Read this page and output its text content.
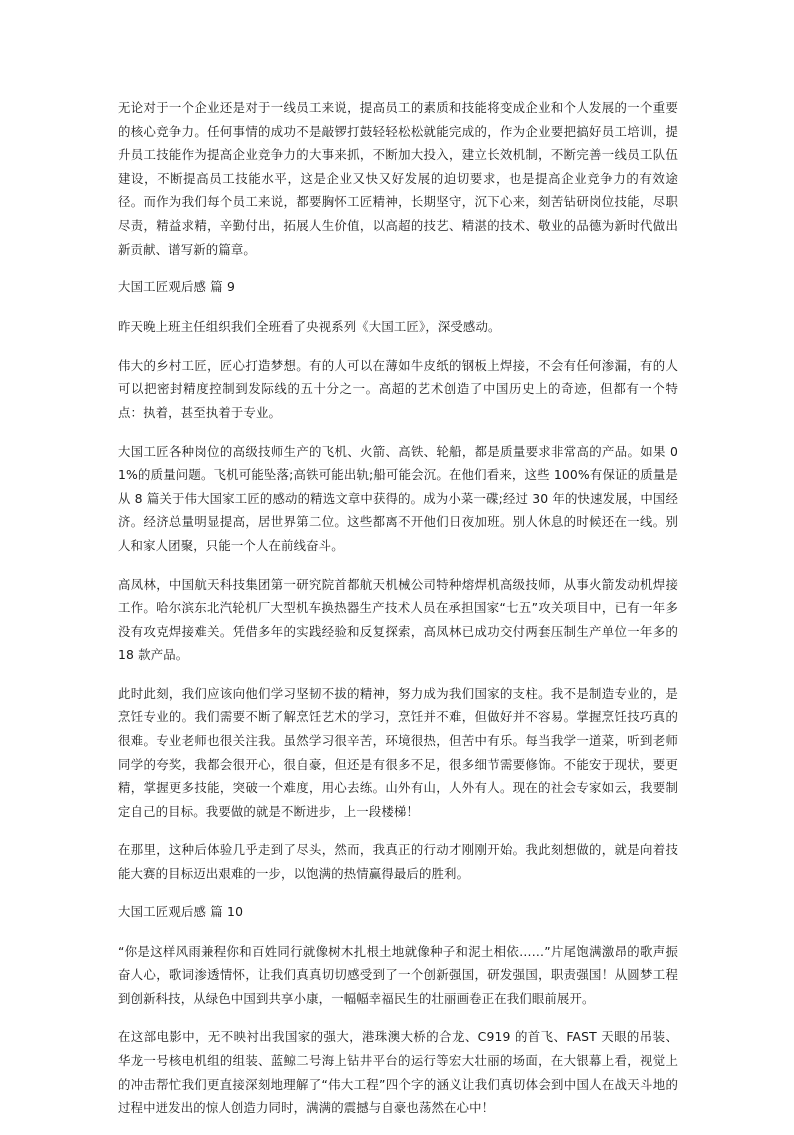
无论对于一个企业还是对于一线员工来说，提高员工的素质和技能将变成企业和个人发展的一个重要的核心竞争力。任何事情的成功不是敲锣打鼓轻轻松松就能完成的，作为企业要把搞好员工培训，提升员工技能作为提高企业竞争力的大事来抓，不断加大投入，建立长效机制，不断完善一线员工队伍建设，不断提高员工技能水平，这是企业又快又好发展的迫切要求，也是提高企业竞争力的有效途径。而作为我们每个员工来说，都要胸怀工匠精神，长期坚守，沉下心来，刻苦钻研岗位技能，尽职尽责，精益求精，辛勤付出，拓展人生价值，以高超的技艺、精湛的技术、敬业的品德为新时代做出新贡献、谱写新的篇章。

大国工匠观后感 篇 9

昨天晚上班主任组织我们全班看了央视系列《大国工匠》，深受感动。

伟大的乡村工匠，匠心打造梦想。有的人可以在薄如牛皮纸的钢板上焊接，不会有任何渗漏，有的人可以把密封精度控制到发际线的五十分之一。高超的艺术创造了中国历史上的奇迹，但都有一个特点：执着，甚至执着于专业。

大国工匠各种岗位的高级技师生产的飞机、火箭、高铁、轮船，都是质量要求非常高的产品。如果 01%的质量问题。飞机可能坠落;高铁可能出轨;船可能会沉。在他们看来，这些 100%有保证的质量是从 8 篇关于伟大国家工匠的感动的精选文章中获得的。成为小菜一碟;经过 30 年的快速发展，中国经济。经济总量明显提高，居世界第二位。这些都离不开他们日夜加班。别人休息的时候还在一线。别人和家人团聚，只能一个人在前线奋斗。

高凤林，中国航天科技集团第一研究院首都航天机械公司特种熔焊机高级技师，从事火箭发动机焊接工作。哈尔滨东北汽轮机厂大型机车换热器生产技术人员在承担国家“七五”攻关项目中，已有一年多没有攻克焊接难关。凭借多年的实践经验和反复探索，高凤林已成功交付两套压制生产单位一年多的 18 款产品。

此时此刻，我们应该向他们学习坚韧不拔的精神，努力成为我们国家的支柱。我不是制造专业的，是烹饪专业的。我们需要不断了解烹饪艺术的学习，烹饪并不难，但做好并不容易。掌握烹饪技巧真的很难。专业老师也很关注我。虽然学习很辛苦，环境很热，但苦中有乐。每当我学一道菜，听到老师同学的夸奖，我都会很开心，很自豪，但还是有很多不足，很多细节需要修饰。不能安于现状，要更精，掌握更多技能，突破一个难度，用心去练。山外有山，人外有人。现在的社会专家如云，我要制定自己的目标。我要做的就是不断进步，上一段楼梯！

在那里，这种后体验几乎走到了尽头，然而，我真正的行动才刚刚开始。我此刻想做的，就是向着技能大赛的目标迈出艰难的一步，以饱满的热情赢得最后的胜利。

大国工匠观后感 篇 10

“你是这样风雨兼程你和百姓同行就像树木扎根土地就像种子和泥土相依……”片尾饱满激昂的歌声振奋人心，歌词渗透情怀，让我们真真切切感受到了一个创新强国，研发强国，职责强国！从圆梦工程到创新科技，从绿色中国到共享小康，一幅幅幸福民生的壮丽画卷正在我们眼前展开。

在这部电影中，无不映衬出我国家的强大，港珠澳大桥的合龙、C919 的首飞、FAST 天眼的吊装、华龙一号核电机组的组装、蓝鲸二号海上钻井平台的运行等宏大壮丽的场面，在大银幕上看，视觉上的冲击帮忙我们更直接深刻地理解了“伟大工程”四个字的涵义让我们真切体会到中国人在战天斗地的过程中迸发出的惊人创造力同时，满满的震撼与自豪也荡然在心中！
